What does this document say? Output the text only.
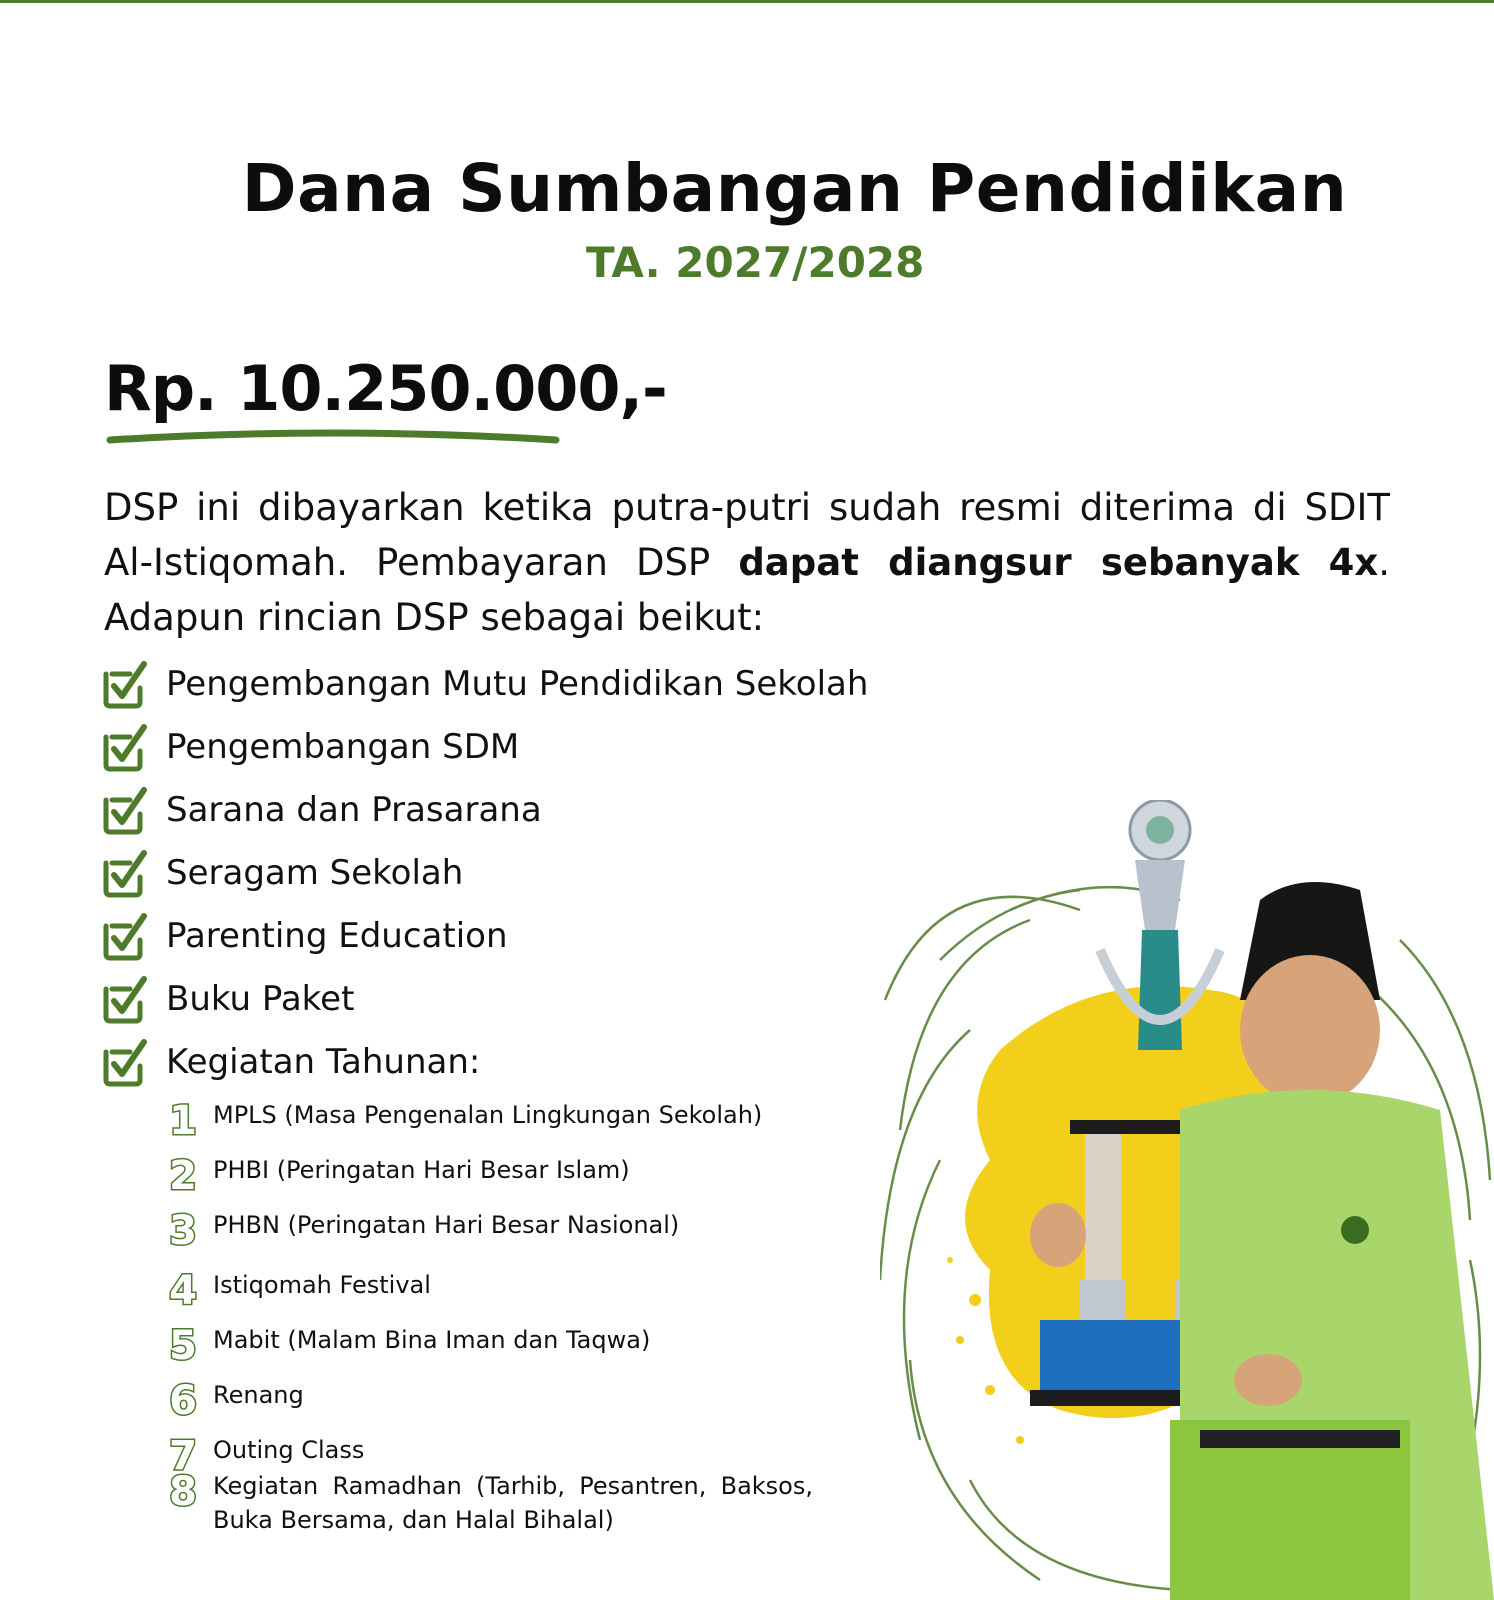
Dana Sumbangan Pendidikan
TA. 2027/2028
Rp. 10.250.000,-

DSP ini dibayarkan ketika putra-putri sudah resmi diterima di SDIT Al-Istiqomah. Pembayaran DSP dapat diangsur sebanyak 4x. Adapun rincian DSP sebagai beikut:

Pengembangan Mutu Pendidikan Sekolah
Pengembangan SDM
Sarana dan Prasarana
Seragam Sekolah
Parenting Education
Buku Paket
Kegiatan Tahunan:
1 MPLS (Masa Pengenalan Lingkungan Sekolah)
2 PHBI (Peringatan Hari Besar Islam)
3 PHBN (Peringatan Hari Besar Nasional)
4 Istiqomah Festival
5 Mabit (Malam Bina Iman dan Taqwa)
6 Renang
7 Outing Class
8 Kegiatan Ramadhan (Tarhib, Pesantren, Baksos, Buka Bersama, dan Halal Bihalal)
